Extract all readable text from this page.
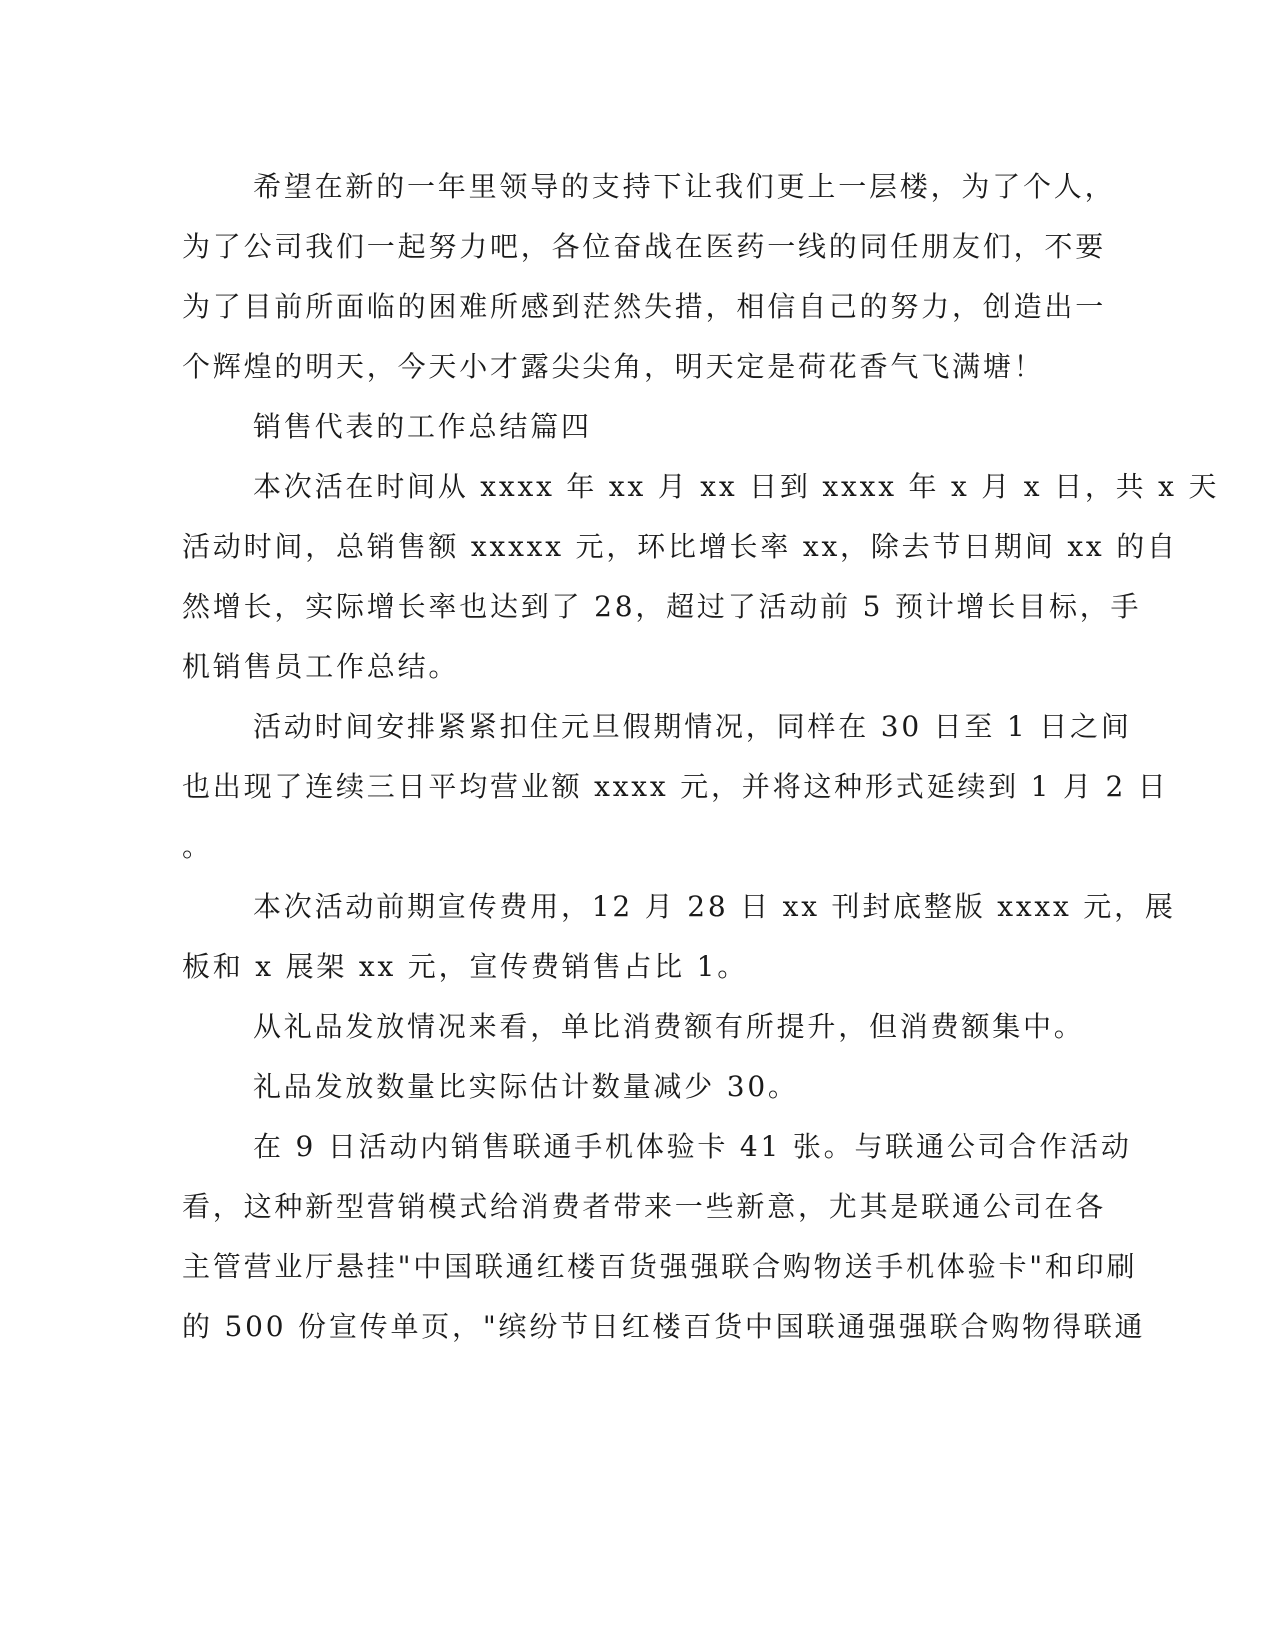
希望在新的一年里领导的支持下让我们更上一层楼，为了个人，
为了公司我们一起努力吧，各位奋战在医药一线的同任朋友们，不要
为了目前所面临的困难所感到茫然失措，相信自己的努力，创造出一
个辉煌的明天，今天小才露尖尖角，明天定是荷花香气飞满塘！
销售代表的工作总结篇四
本次活在时间从 xxxx 年 xx 月 xx 日到 xxxx 年 x 月 x 日，共 x 天
活动时间，总销售额 xxxxx 元，环比增长率 xx，除去节日期间 xx 的自
然增长，实际增长率也达到了 28，超过了活动前 5 预计增长目标，手
机销售员工作总结。
活动时间安排紧紧扣住元旦假期情况，同样在 30 日至 1 日之间
也出现了连续三日平均营业额 xxxx 元，并将这种形式延续到 1 月 2 日
。
本次活动前期宣传费用，12 月 28 日 xx 刊封底整版 xxxx 元，展
板和 x 展架 xx 元，宣传费销售占比 1。
从礼品发放情况来看，单比消费额有所提升，但消费额集中。
礼品发放数量比实际估计数量减少 30。
在 9 日活动内销售联通手机体验卡 41 张。与联通公司合作活动
看，这种新型营销模式给消费者带来一些新意，尤其是联通公司在各
主管营业厅悬挂"中国联通红楼百货强强联合购物送手机体验卡"和印刷
的 500 份宣传单页，"缤纷节日红楼百货中国联通强强联合购物得联通
